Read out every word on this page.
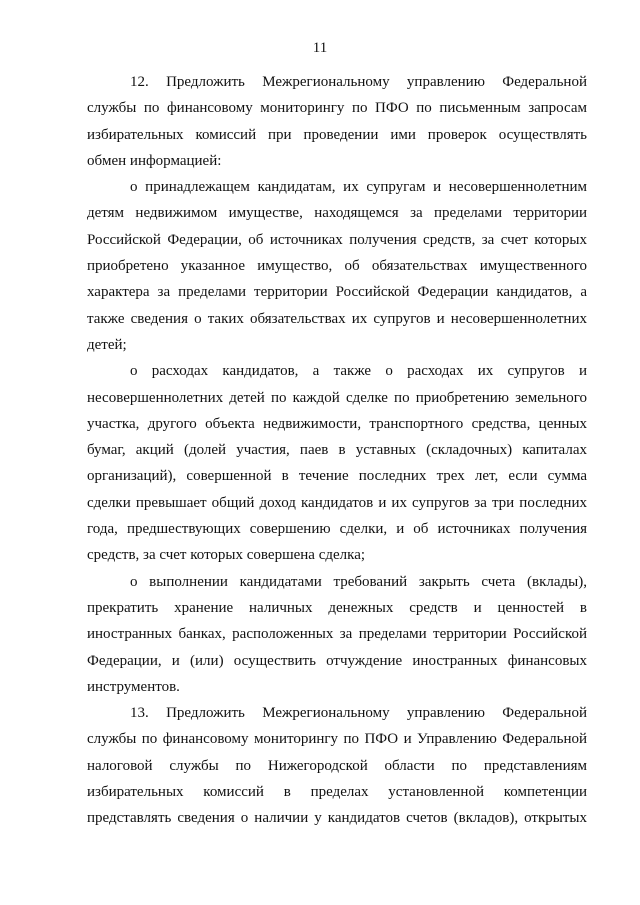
11
12. Предложить Межрегиональному управлению Федеральной
службы по финансовому мониторингу по ПФО по письменным запросам
избирательных комиссий при проведении ими проверок осуществлять
обмен информацией:
о принадлежащем кандидатам, их супругам и несовершеннолетним
детям недвижимом имуществе, находящемся за пределами территории
Российской Федерации, об источниках получения средств, за счет которых
приобретено указанное имущество, об обязательствах имущественного
характера за пределами территории Российской Федерации кандидатов, а
также сведения о таких обязательствах их супругов и несовершеннолетних
детей;
о расходах кандидатов, а также о расходах их супругов и
несовершеннолетних детей по каждой сделке по приобретению земельного
участка, другого объекта недвижимости, транспортного средства, ценных
бумаг, акций (долей участия, паев в уставных (складочных) капиталах
организаций), совершенной в течение последних трех лет, если сумма
сделки превышает общий доход кандидатов и их супругов за три последних
года, предшествующих совершению сделки, и об источниках получения
средств, за счет которых совершена сделка;
о выполнении кандидатами требований закрыть счета (вклады),
прекратить хранение наличных денежных средств и ценностей в
иностранных банках, расположенных за пределами территории Российской
Федерации, и (или) осуществить отчуждение иностранных финансовых
инструментов.
13. Предложить Межрегиональному управлению Федеральной
службы по финансовому мониторингу по ПФО и Управлению Федеральной
налоговой службы по Нижегородской области по представлениям
избирательных комиссий в пределах установленной компетенции
представлять сведения о наличии у кандидатов счетов (вкладов), открытых
